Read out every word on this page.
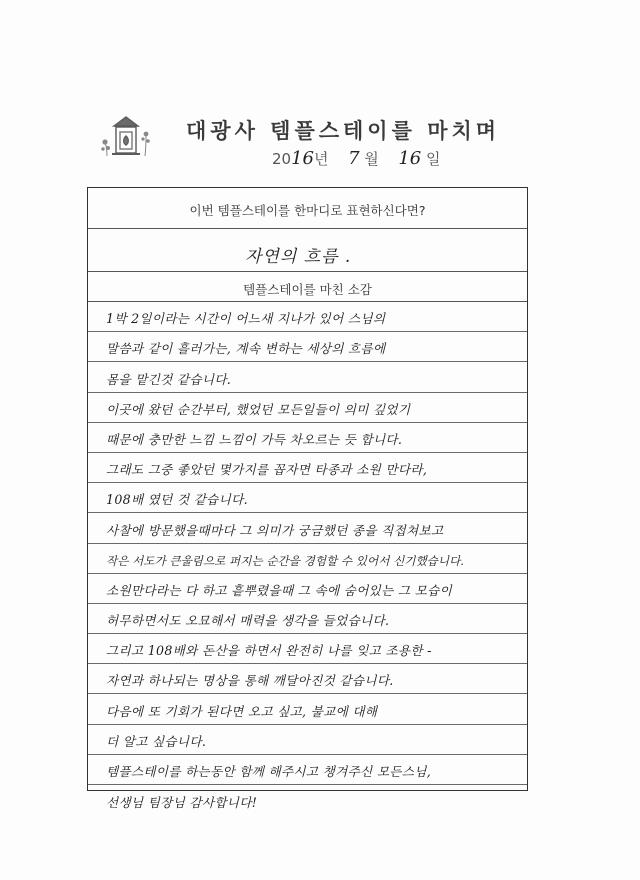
대광사 템플스테이를 마치며
2016년 7 월 16 일
이번 템플스테이를 한마디로 표현하신다면?
자연의 흐름 .
템플스테이를 마친 소감
1박 2일이라는 시간이 어느새 지나가 있어 스님의
말씀과 같이 흘러가는, 계속 변하는 세상의 흐름에
몸을 맡긴것 같습니다.
이곳에 왔던 순간부터, 했었던 모든일들이 의미 깊었기
때문에 충만한 느낌 느낌이 가득 차오르는 듯 합니다.
그래도 그중 좋았던 몇가지를 꼽자면 타종과 소원 만다라,
108배 였던 것 같습니다.
사찰에 방문했을때마다 그 의미가 궁금했던 종을 직접쳐보고
작은 서도가 큰울림으로 퍼지는 순간을 경험할 수 있어서 신기했습니다.
소원만다라는 다 하고 흩뿌렸을때 그 속에 숨어있는 그 모습이
허무하면서도 오묘해서 매력을 생각을 들었습니다.
그리고 108배와 돈산을 하면서 완전히 나를 잊고 조용한 -
자연과 하나되는 명상을 통해 깨달아진것 같습니다.
다음에 또 기회가 된다면 오고 싶고, 불교에 대해
더 알고 싶습니다.
템플스테이를 하는동안 함께 해주시고 챙겨주신 모든스님,
선생님 팀장님 감사합니다!
